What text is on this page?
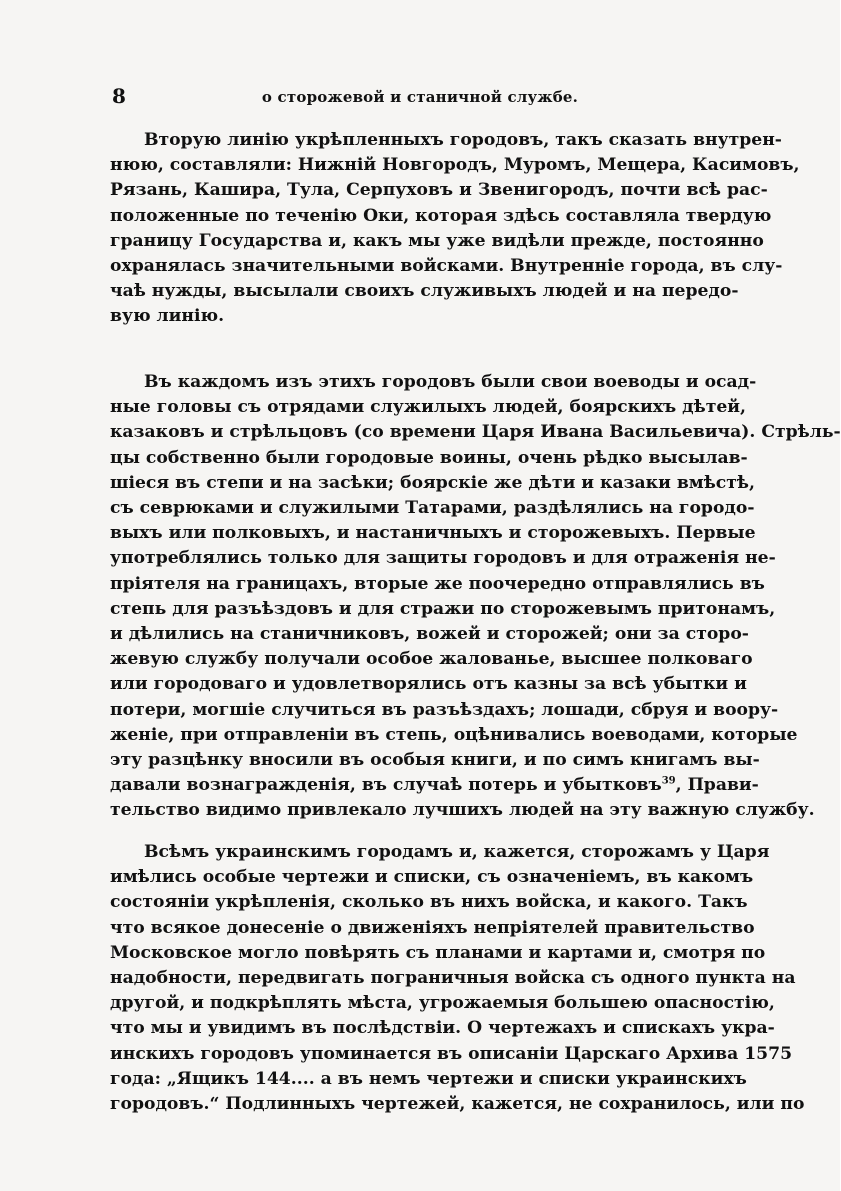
8	о сторожевой и станичной службе.
Вторую линію укрѣпленныхъ городовъ, такъ сказать внутрен-
нюю, составляли: Нижній Новгородъ, Муромъ, Мещера, Касимовъ,
Рязань, Кашира, Тула, Серпуховъ и Звенигородъ, почти всѣ рас-
положенные по теченію Оки, которая здѣсь составляла твердую
границу Государства и, какъ мы уже видѣли прежде, постоянно
охранялась значительными войсками. Внутренніе города, въ слу-
чаѣ нужды, высылали своихъ служивыхъ людей и на передо-
вую линію.
Въ каждомъ изъ этихъ городовъ были свои воеводы и осад-
ные головы съ отрядами служилыхъ людей, боярскихъ дѣтей,
казаковъ и стрѣльцовъ (со времени Царя Ивана Васильевича). Стрѣль-
цы собственно были городовые воины, очень рѣдко высылав-
шіеся въ степи и на засѣки; боярскіе же дѣти и казаки вмѣстѣ,
съ севрюками и служилыми Татарами, раздѣлялись на городо-
выхъ или полковыхъ, и настаничныхъ и сторожевыхъ. Первые
употреблялись только для защиты городовъ и для отраженія не-
пріятеля на границахъ, вторые же поочередно отправлялись въ
степь для разъѣздовъ и для стражи по сторожевымъ притонамъ,
и дѣлились на станичниковъ, вожей и сторожей; они за сторо-
жевую службу получали особое жалованье, высшее полковаго
или городоваго и удовлетворялись отъ казны за всѣ убытки и
потери, могшіе случиться въ разъѣздахъ; лошади, сбруя и воору-
женіе, при отправленіи въ степь, оцѣнивались воеводами, которые
эту разцѣнку вносили въ особыя книги, и по симъ книгамъ вы-
давали вознагражденія, въ случаѣ потерь и убытковъ$^{39}$, Прави-
тельство видимо привлекало лучшихъ людей на эту важную службу.
Всѣмъ украинскимъ городамъ и, кажется, сторожамъ у Царя
имѣлись особые чертежи и списки, съ означеніемъ, въ какомъ
состояніи укрѣпленія, сколько въ нихъ войска, и какого. Такъ
что всякое донесеніе о движеніяхъ непріятелей правительство
Московское могло повѣрять съ планами и картами и, смотря по
надобности, передвигать пограничныя войска съ одного пункта на
другой, и подкрѣплять мѣста, угрожаемыя большею опасностію,
что мы и увидимъ въ послѣдствіи. О чертежахъ и спискахъ укра-
инскихъ городовъ упоминается въ описаніи Царскаго Архива 1575
года: „Ящикъ 144.... а въ немъ чертежи и списки украинскихъ
городовъ.“ Подлинныхъ чертежей, кажется, не сохранилось, или по
